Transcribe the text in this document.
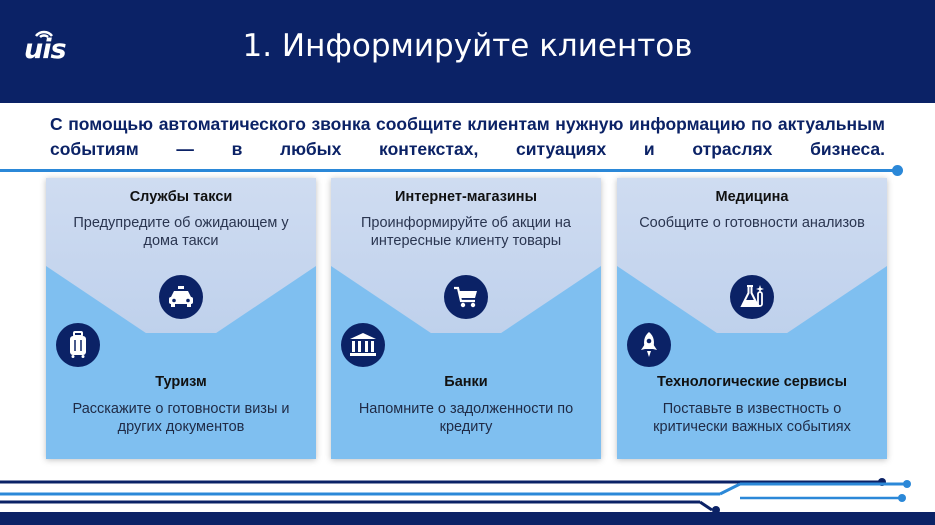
uis	1. Информируйте клиентов
С помощью автоматического звонка сообщите клиентам нужную информацию по актуальным событиям — в любых контекстах, ситуациях и отраслях бизнеса.
Службы такси
Предупредите об ожидающем у дома такси
Туризм
Расскажите о готовности визы и других документов
Интернет-магазины
Проинформируйте об акции на интересные клиенту товары
Банки
Напомните о задолженности по кредиту
Медицина
Сообщите о готовности анализов
Технологические сервисы
Поставьте в известность о критически важных событиях
